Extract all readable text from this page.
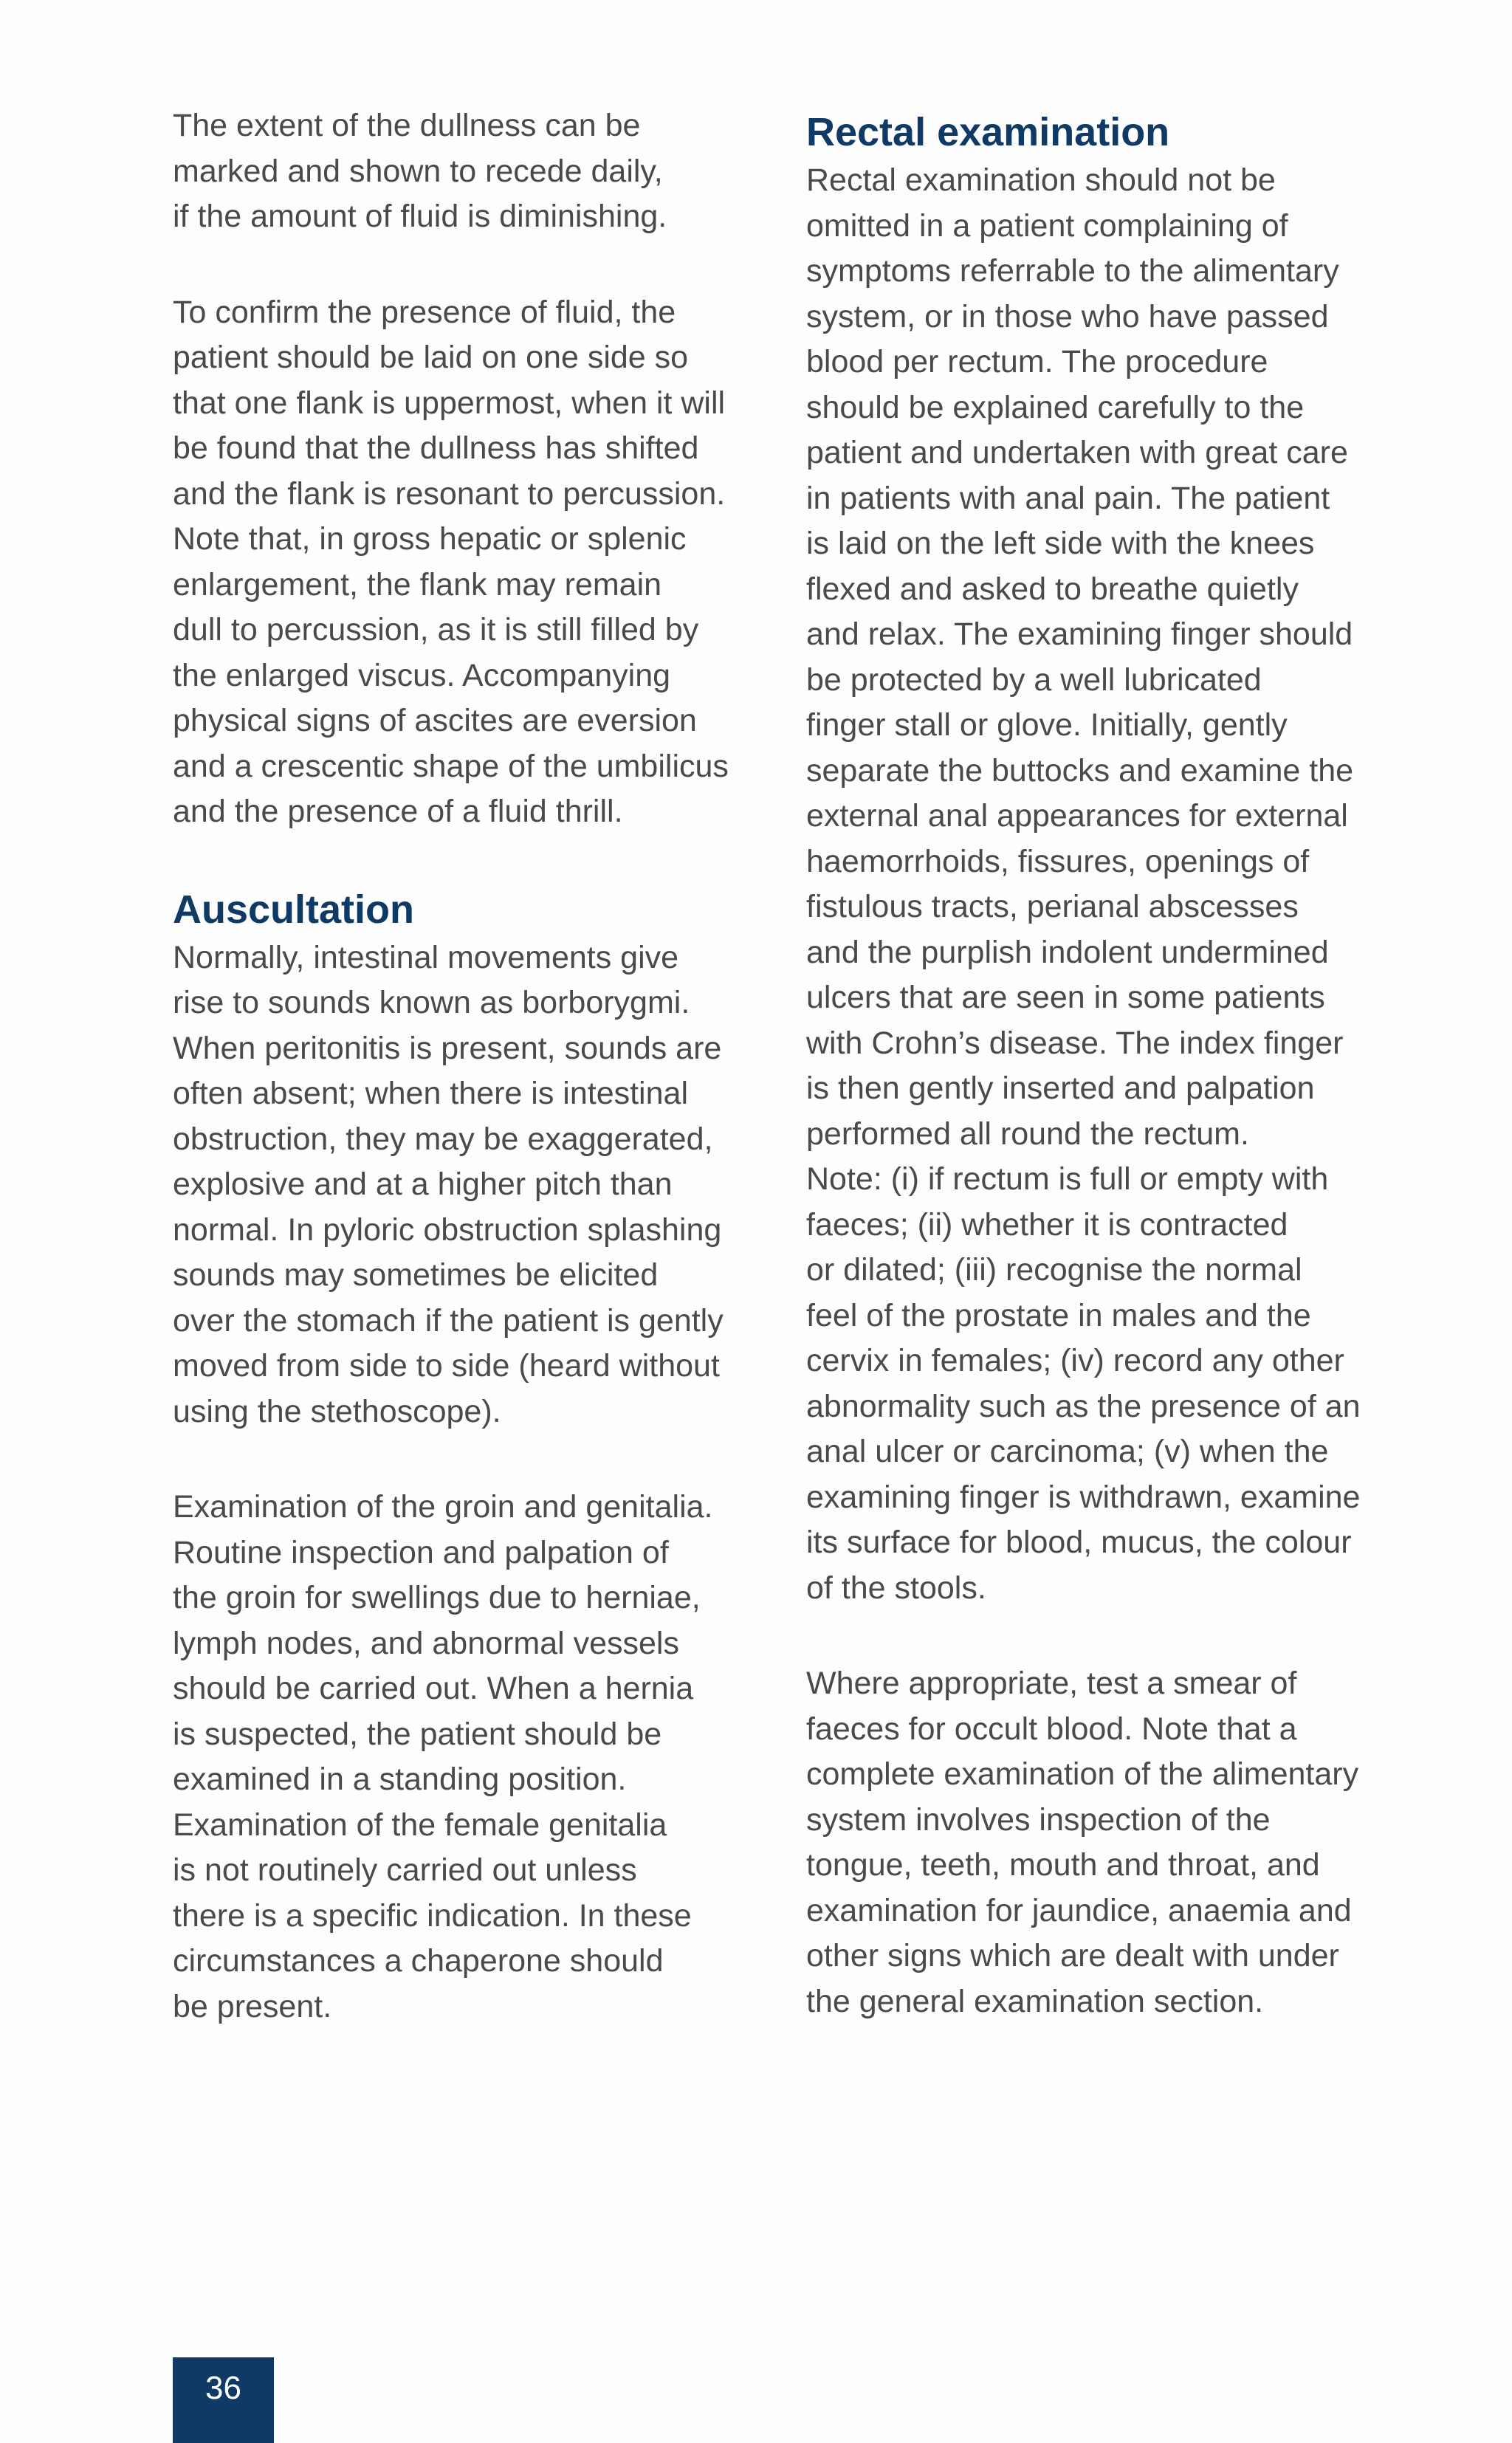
The extent of the dullness can be
marked and shown to recede daily,
if the amount of fluid is diminishing.

To confirm the presence of fluid, the
patient should be laid on one side so
that one flank is uppermost, when it will
be found that the dullness has shifted
and the flank is resonant to percussion.
Note that, in gross hepatic or splenic
enlargement, the flank may remain
dull to percussion, as it is still filled by
the enlarged viscus. Accompanying
physical signs of ascites are eversion
and a crescentic shape of the umbilicus
and the presence of a fluid thrill.

Auscultation

Normally, intestinal movements give
rise to sounds known as borborygmi.
When peritonitis is present, sounds are
often absent; when there is intestinal
obstruction, they may be exaggerated,
explosive and at a higher pitch than
normal. In pyloric obstruction splashing
sounds may sometimes be elicited
over the stomach if the patient is gently
moved from side to side (heard without
using the stethoscope).

Examination of the groin and genitalia.
Routine inspection and palpation of
the groin for swellings due to herniae,
lymph nodes, and abnormal vessels
should be carried out. When a hernia
is suspected, the patient should be
examined in a standing position.
Examination of the female genitalia
is not routinely carried out unless
there is a specific indication. In these
circumstances a chaperone should
be present.

Rectal examination

Rectal examination should not be
omitted in a patient complaining of
symptoms referrable to the alimentary
system, or in those who have passed
blood per rectum. The procedure
should be explained carefully to the
patient and undertaken with great care
in patients with anal pain. The patient
is laid on the left side with the knees
flexed and asked to breathe quietly
and relax. The examining finger should
be protected by a well lubricated
finger stall or glove. Initially, gently
separate the buttocks and examine the
external anal appearances for external
haemorrhoids, fissures, openings of
fistulous tracts, perianal abscesses
and the purplish indolent undermined
ulcers that are seen in some patients
with Crohn’s disease. The index finger
is then gently inserted and palpation
performed all round the rectum.

Note: (i) if rectum is full or empty with
faeces; (ii) whether it is contracted
or dilated; (iii) recognise the normal
feel of the prostate in males and the
cervix in females; (iv) record any other
abnormality such as the presence of an
anal ulcer or carcinoma; (v) when the
examining finger is withdrawn, examine
its surface for blood, mucus, the colour
of the stools.

Where appropriate, test a smear of
faeces for occult blood. Note that a
complete examination of the alimentary
system involves inspection of the
tongue, teeth, mouth and throat, and
examination for jaundice, anaemia and
other signs which are dealt with under
the general examination section.

36
